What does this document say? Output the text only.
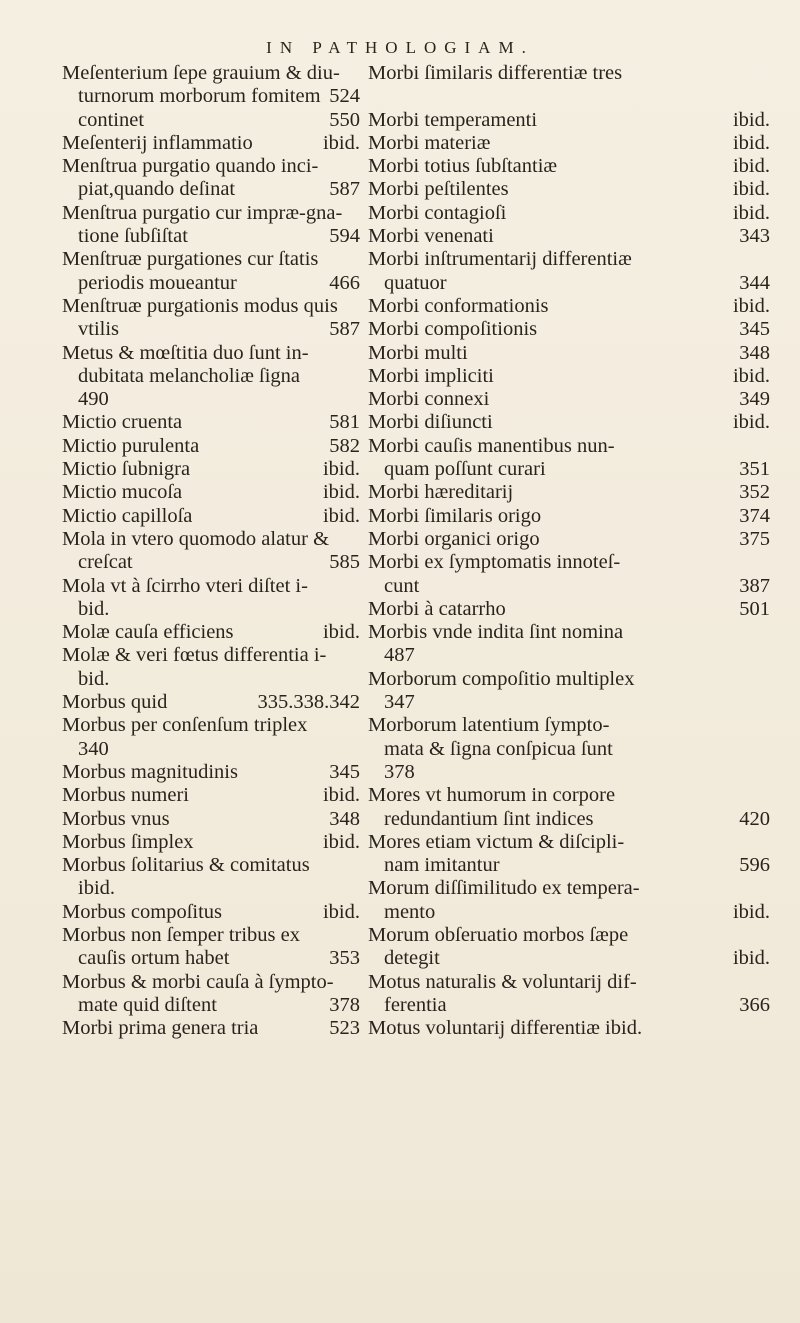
IN PATHOLOGIAM.
Meſenterium ſepe grauium & diu-
turnorum morborum fomitem 524
continet	550
Meſenterij inflammatio	ibid.
Menſtrua purgatio quando inci-
piat,quando deſinat	587
Menſtrua purgatio cur impræ-gna-
tione ſubſiſtat	594
Menſtruæ purgationes cur ſtatis
periodis moueantur	466
Menſtruæ purgationis modus quis
vtilis	587
Metus & mœſtitia duo ſunt in-
dubitata melancholiæ ſigna
490
Mictio cruenta	581
Mictio purulenta	582
Mictio ſubnigra	ibid.
Mictio mucoſa	ibid.
Mictio capilloſa	ibid.
Mola in vtero quomodo alatur &
creſcat	585
Mola vt à ſcirrho vteri diſtet i-
bid.
Molæ cauſa efficiens	ibid.
Molæ & veri fœtus differentia i-
bid.
Morbus quid	335.338.342
Morbus per conſenſum triplex
340
Morbus magnitudinis	345
Morbus numeri	ibid.
Morbus vnus	348
Morbus ſimplex	ibid.
Morbus ſolitarius & comitatus
ibid.
Morbus compoſitus	ibid.
Morbus non ſemper tribus ex
cauſis ortum habet	353
Morbus & morbi cauſa à ſympto-
mate quid diſtent	378
Morbi prima genera tria	523
Morbi ſimilaris differentiæ tres
Morbi temperamenti	ibid.
Morbi materiæ	ibid.
Morbi totius ſubſtantiæ	ibid.
Morbi peſtilentes	ibid.
Morbi contagioſi	ibid.
Morbi venenati	343
Morbi inſtrumentarij differentiæ
quatuor	344
Morbi conformationis	ibid.
Morbi compoſitionis	345
Morbi multi	348
Morbi impliciti	ibid.
Morbi connexi	349
Morbi diſiuncti	ibid.
Morbi cauſis manentibus nun-
quam poſſunt curari	351
Morbi hæreditarij	352
Morbi ſimilaris origo	374
Morbi organici origo	375
Morbi ex ſymptomatis innoteſ-
cunt	387
Morbi à catarrho	501
Morbis vnde indita ſint nomina
487
Morborum compoſitio multiplex
347
Morborum latentium ſympto-
mata & ſigna conſpicua ſunt
378
Mores vt humorum in corpore
redundantium ſint indices	420
Mores etiam victum & diſcipli-
nam imitantur	596
Morum diſſimilitudo ex tempera-
mento	ibid.
Morum obſeruatio morbos ſæpe
detegit	ibid.
Motus naturalis & voluntarij dif-
ferentia	366
Motus voluntarij differentiæ ibid.
